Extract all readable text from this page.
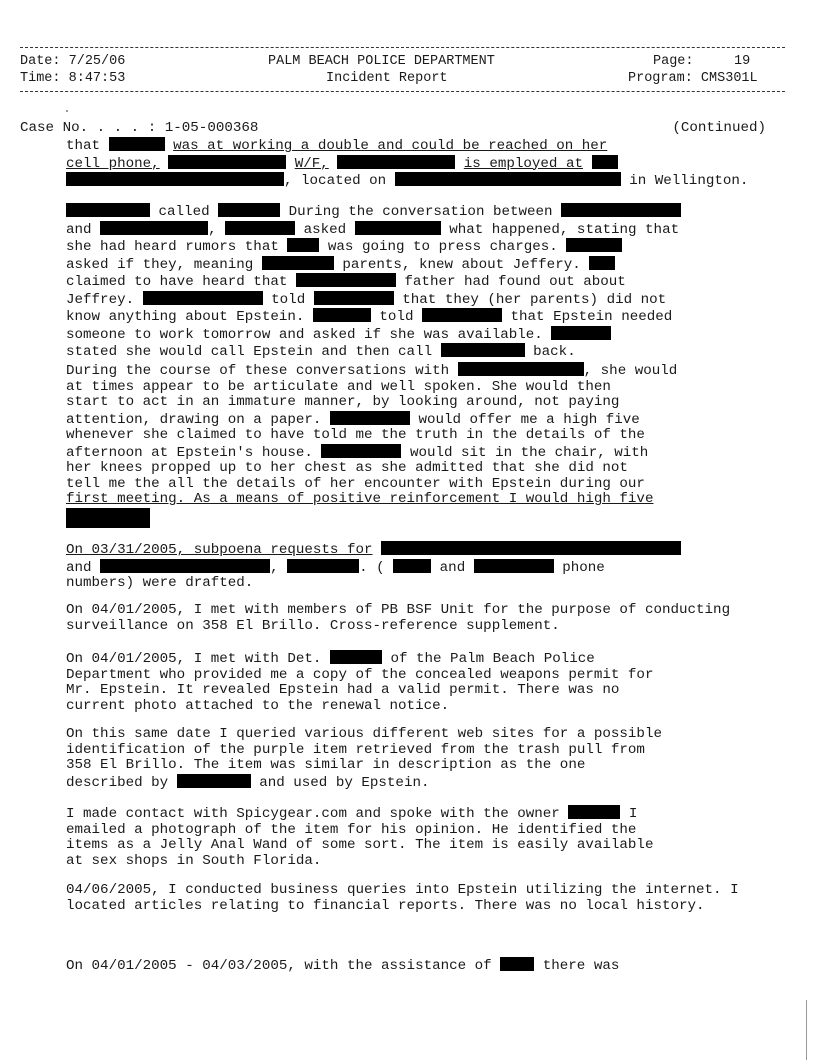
Date: 7/25/06
Time: 8:47:53
PALM BEACH POLICE DEPARTMENT
Incident Report
Page:	19
Program: CMS301L
Case No. . . . : 1-05-000368	(Continued)

that	was at working a double and could be reached on her
cell phone,	W/F,	is employed at
, located on	in Wellington.

called	During the conversation between
and	,	asked	what happened, stating that
she had heard rumors that	was going to press charges.
asked if they, meaning	parents, knew about Jeffery.
claimed to have heard that	father had found out about
Jeffrey.	told	that they (her parents) did not
know anything about Epstein.	told	that Epstein needed
someone to work tomorrow and asked if she was available.
stated she would call Epstein and then call	back.

During the course of these conversations with	, she would
at times appear to be articulate and well spoken. She would then
start to act in an immature manner, by looking around, not paying
attention, drawing on a paper.	would offer me a high five
whenever she claimed to have told me the truth in the details of the
afternoon at Epstein's house.	would sit in the chair, with
her knees propped up to her chest as she admitted that she did not
tell me the all the details of her encounter with Epstein during our
first meeting. As a means of positive reinforcement I would high five

On 03/31/2005, subpoena requests for
and	,	. (	and	phone
numbers) were drafted.

On 04/01/2005, I met with members of PB BSF Unit for the purpose of conducting surveillance on 358 El Brillo. Cross-reference supplement.

On 04/01/2005, I met with Det.	of the Palm Beach Police
Department who provided me a copy of the concealed weapons permit for
Mr. Epstein. It revealed Epstein had a valid permit. There was no
current photo attached to the renewal notice.

On this same date I queried various different web sites for a possible
identification of the purple item retrieved from the trash pull from
358 El Brillo. The item was similar in description as the one
described by	and used by Epstein.

I made contact with Spicygear.com and spoke with the owner	I
emailed a photograph of the item for his opinion. He identified the
items as a Jelly Anal Wand of some sort. The item is easily available
at sex shops in South Florida.

04/06/2005, I conducted business queries into Epstein utilizing the internet. I located articles relating to financial reports. There was no local history.

On 04/01/2005 - 04/03/2005, with the assistance of	there was
